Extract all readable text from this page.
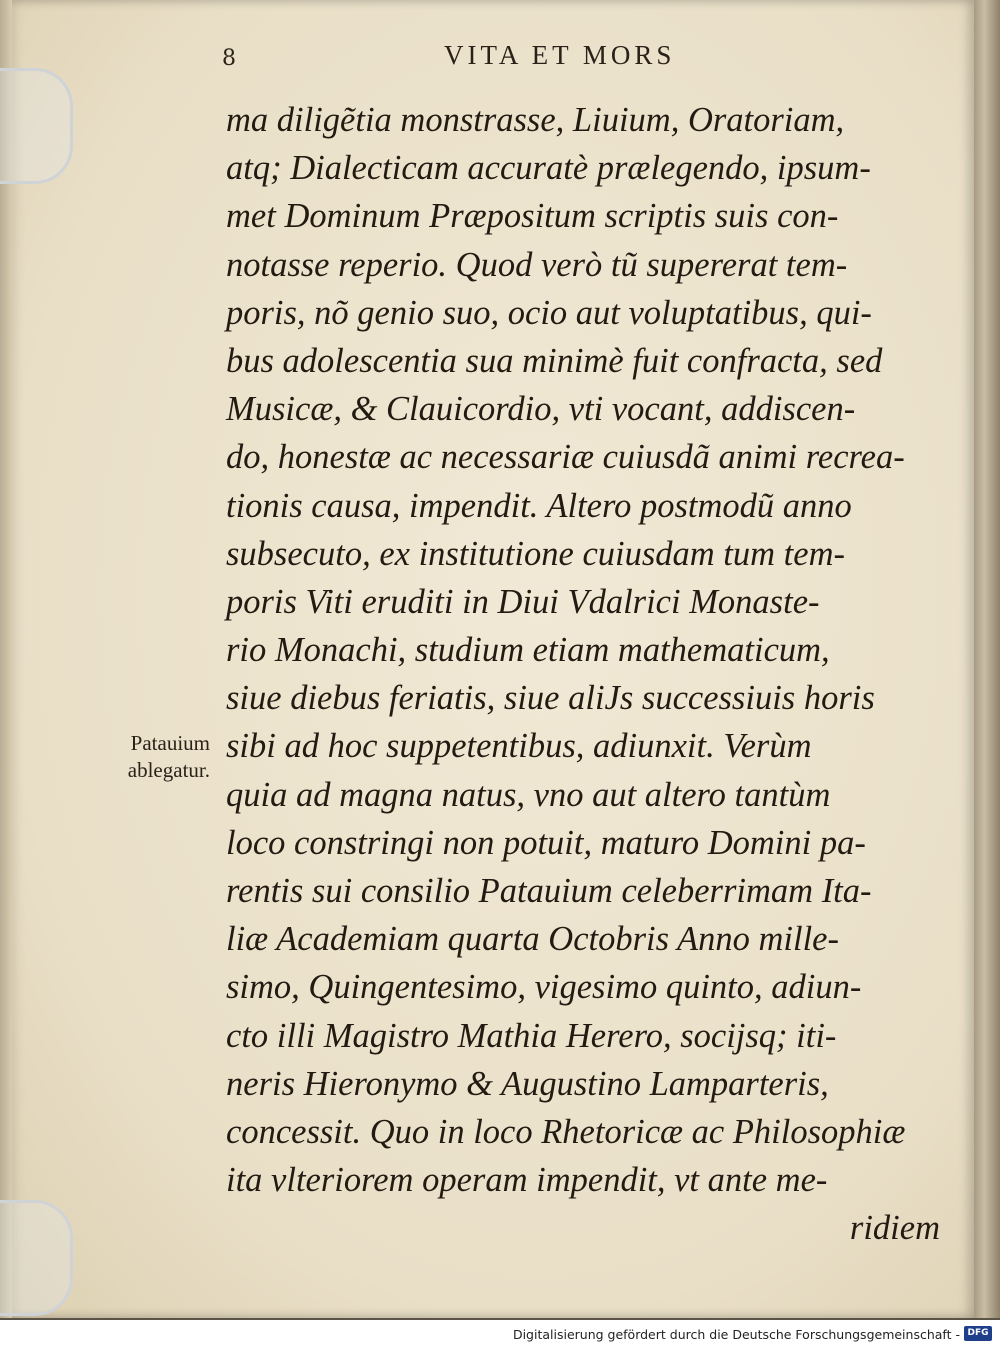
8	VITA ET MORS
Patauium
ablegatur.
ma diligẽtia monstrasse, Liuium, Oratoriam,
atq; Dialecticam accuratè prælegendo, ipsum-
met Dominum Præpositum scriptis suis con-
notasse reperio. Quod verò tũ supererat tem-
poris, nõ genio suo, ocio aut voluptatibus, qui-
bus adolescentia sua minimè fuit confracta, sed
Musicæ, & Clauicordio, vti vocant, addiscen-
do, honestæ ac necessariæ cuiusdã animi recrea-
tionis causa, impendit. Altero postmodũ anno
subsecuto, ex institutione cuiusdam tum tem-
poris Viti eruditi in Diui Vdalrici Monaste-
rio Monachi, studium etiam mathematicum,
siue diebus feriatis, siue aliJs successiuis horis
sibi ad hoc suppetentibus, adiunxit. Verùm
quia ad magna natus, vno aut altero tantùm
loco constringi non potuit, maturo Domini pa-
rentis sui consilio Patauium celeberrimam Ita-
liæ Academiam quarta Octobris Anno mille-
simo, Quingentesimo, vigesimo quinto, adiun-
cto illi Magistro Mathia Herero, socijsq; iti-
neris Hieronymo & Augustino Lamparteris,
concessit. Quo in loco Rhetoricæ ac Philosophiæ
ita vlteriorem operam impendit, vt ante me-
ridiem
Digitalisierung gefördert durch die Deutsche Forschungsgemeinschaft - DFG
